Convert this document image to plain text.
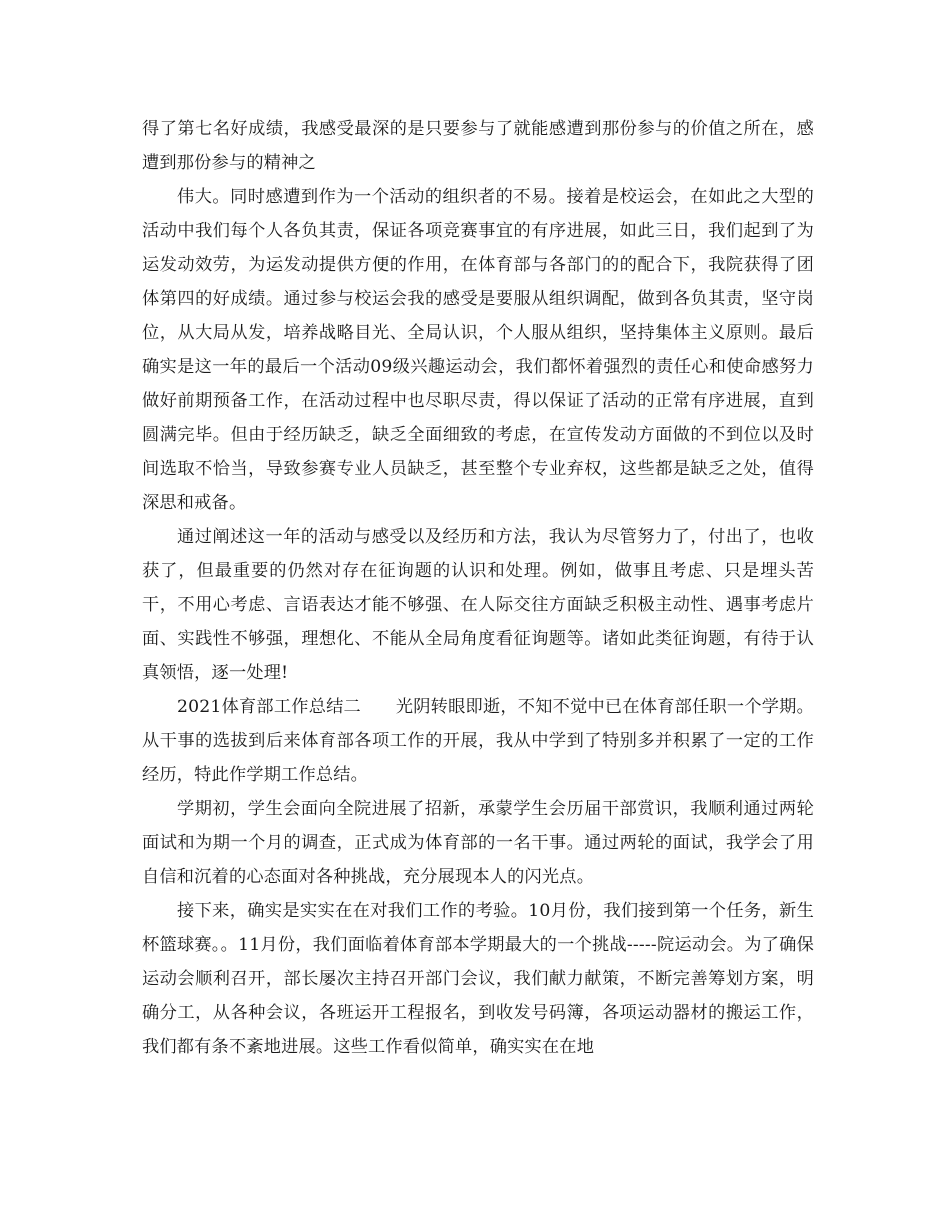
得了第七名好成绩，我感受最深的是只要参与了就能感遭到那份参与的价值之所在，感遭到那份参与的精神之

伟大。同时感遭到作为一个活动的组织者的不易。接着是校运会，在如此之大型的活动中我们每个人各负其责，保证各项竞赛事宜的有序进展，如此三日，我们起到了为运发动效劳，为运发动提供方便的作用，在体育部与各部门的的配合下，我院获得了团体第四的好成绩。通过参与校运会我的感受是要服从组织调配，做到各负其责，坚守岗位，从大局从发，培养战略目光、全局认识，个人服从组织，坚持集体主义原则。最后确实是这一年的最后一个活动09级兴趣运动会，我们都怀着强烈的责任心和使命感努力做好前期预备工作，在活动过程中也尽职尽责，得以保证了活动的正常有序进展，直到圆满完毕。但由于经历缺乏，缺乏全面细致的考虑，在宣传发动方面做的不到位以及时间选取不恰当，导致参赛专业人员缺乏，甚至整个专业弃权，这些都是缺乏之处，值得深思和戒备。

通过阐述这一年的活动与感受以及经历和方法，我认为尽管努力了，付出了，也收获了，但最重要的仍然对存在征询题的认识和处理。例如，做事且考虑、只是埋头苦干，不用心考虑、言语表达才能不够强、在人际交往方面缺乏积极主动性、遇事考虑片面、实践性不够强，理想化、不能从全局角度看征询题等。诸如此类征询题，有待于认真领悟，逐一处理!

2021体育部工作总结二　　光阴转眼即逝，不知不觉中已在体育部任职一个学期。从干事的选拔到后来体育部各项工作的开展，我从中学到了特别多并积累了一定的工作经历，特此作学期工作总结。

学期初，学生会面向全院进展了招新，承蒙学生会历届干部赏识，我顺利通过两轮面试和为期一个月的调查，正式成为体育部的一名干事。通过两轮的面试，我学会了用自信和沉着的心态面对各种挑战，充分展现本人的闪光点。

接下来，确实是实实在在对我们工作的考验。10月份，我们接到第一个任务，新生杯篮球赛。。11月份，我们面临着体育部本学期最大的一个挑战-----院运动会。为了确保运动会顺利召开，部长屡次主持召开部门会议，我们献力献策，不断完善筹划方案，明确分工，从各种会议，各班运开工程报名，到收发号码簿，各项运动器材的搬运工作，我们都有条不紊地进展。这些工作看似简单，确实实在在地
